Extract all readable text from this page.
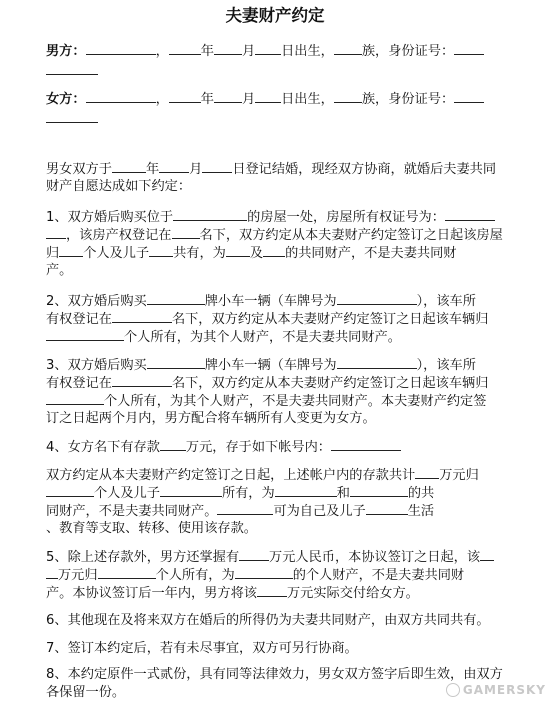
夫妻财产约定
男方：	， 年 月 日出生， 族，身份证号：
女方：	， 年 月 日出生， 族，身份证号：
男女双方于	年 月 日登记结婚，现经双方协商，就婚后夫妻共同
财产自愿达成如下约定：
1、双方婚后购买位于	的房屋一处，房屋所有权证号为：
，该房产权登记在 名下，双方约定从本夫妻财产约定签订之日起该房屋
归 个人及儿子 共有，为 及 的共同财产，不是夫妻共同财
产。
2、双方婚后购买	牌小车一辆（车牌号为	），该车所
有权登记在	名下，双方约定从本夫妻财产约定签订之日起该车辆归
个人所有，为其个人财产，不是夫妻共同财产。
3、双方婚后购买	牌小车一辆（车牌号为	），该车所
有权登记在	名下，双方约定从本夫妻财产约定签订之日起该车辆归
个人所有，为其个人财产，不是夫妻共同财产。本夫妻财产约定签
订之日起两个月内，男方配合将车辆所有人变更为女方。
4、女方名下有存款 万元，存于如下帐号内：
双方约定从本夫妻财产约定签订之日起，上述帐户内的存款共计 万元归
个人及儿子	所有，为	和	的共
同财产，不是夫妻共同财产。	可为自己及儿子	生活
、教育等支取、转移、使用该存款。
5、除上述存款外，男方还掌握有 万元人民币，本协议签订之日起，该
万元归	个人所有，为	的个人财产，不是夫妻共同财
产。本协议签订后一年内，男方将该 万元实际交付给女方。
6、其他现在及将来双方在婚后的所得仍为夫妻共同财产，由双方共同共有。
7、签订本约定后，若有未尽事宜，双方可另行协商。
8、本约定原件一式贰份，具有同等法律效力，男女双方签字后即生效，由双方
各保留一份。	GAMERSKY
